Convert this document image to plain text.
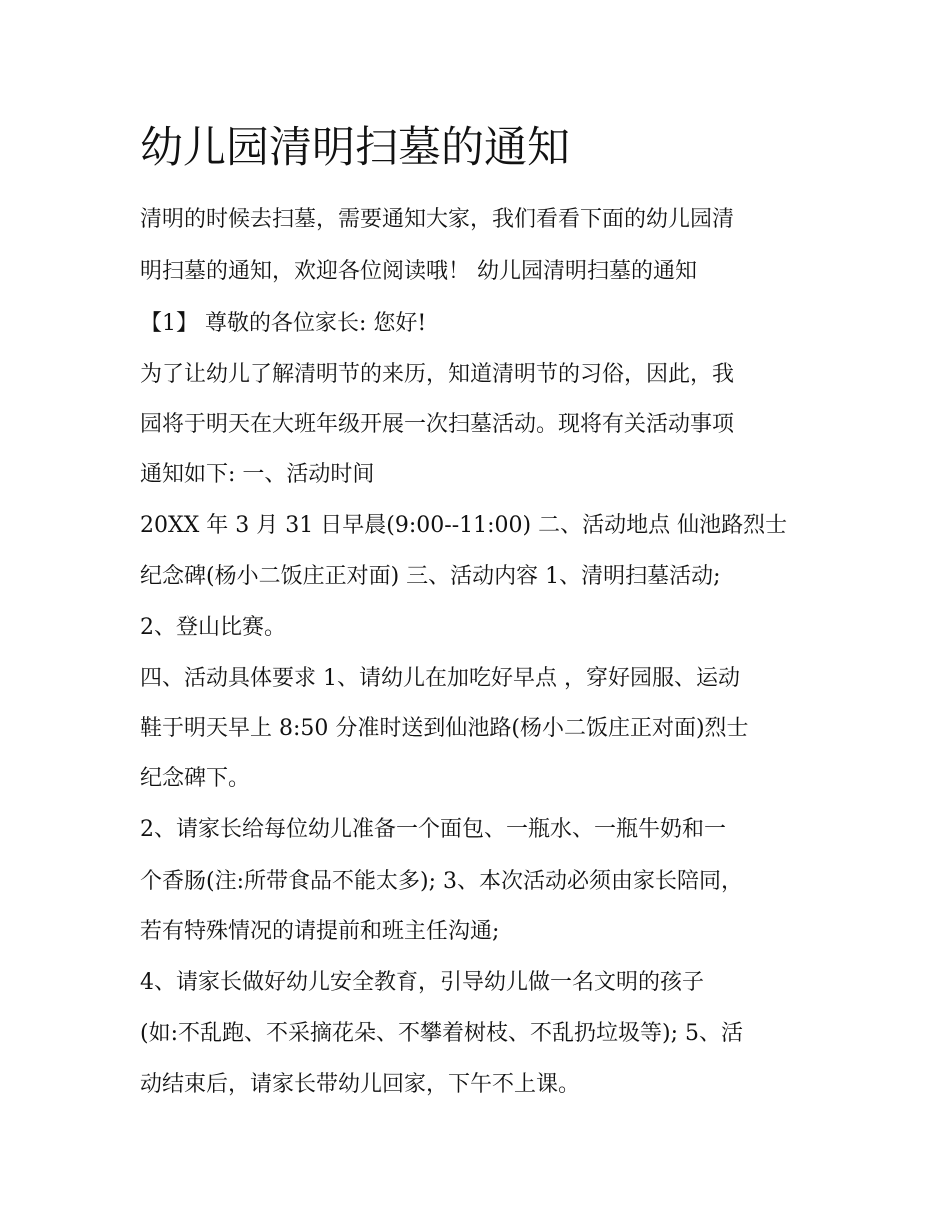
幼儿园清明扫墓的通知

清明的时候去扫墓，需要通知大家，我们看看下面的幼儿园清

明扫墓的通知，欢迎各位阅读哦！ 幼儿园清明扫墓的通知

【1】 尊敬的各位家长: 您好!

为了让幼儿了解清明节的来历，知道清明节的习俗，因此，我

园将于明天在大班年级开展一次扫墓活动。现将有关活动事项

通知如下: 一、活动时间

20XX 年 3 月 31 日早晨(9:00--11:00) 二、活动地点 仙池路烈士

纪念碑(杨小二饭庄正对面) 三、活动内容 1、清明扫墓活动;

2、登山比赛。

四、活动具体要求 1、请幼儿在加吃好早点 ，穿好园服、运动

鞋于明天早上 8:50 分准时送到仙池路(杨小二饭庄正对面)烈士

纪念碑下。

2、请家长给每位幼儿准备一个面包、一瓶水、一瓶牛奶和一

个香肠(注:所带食品不能太多); 3、本次活动必须由家长陪同，

若有特殊情况的请提前和班主任沟通;

4、请家长做好幼儿安全教育，引导幼儿做一名文明的孩子

(如:不乱跑、不采摘花朵、不攀着树枝、不乱扔垃圾等); 5、活

动结束后，请家长带幼儿回家，下午不上课。
